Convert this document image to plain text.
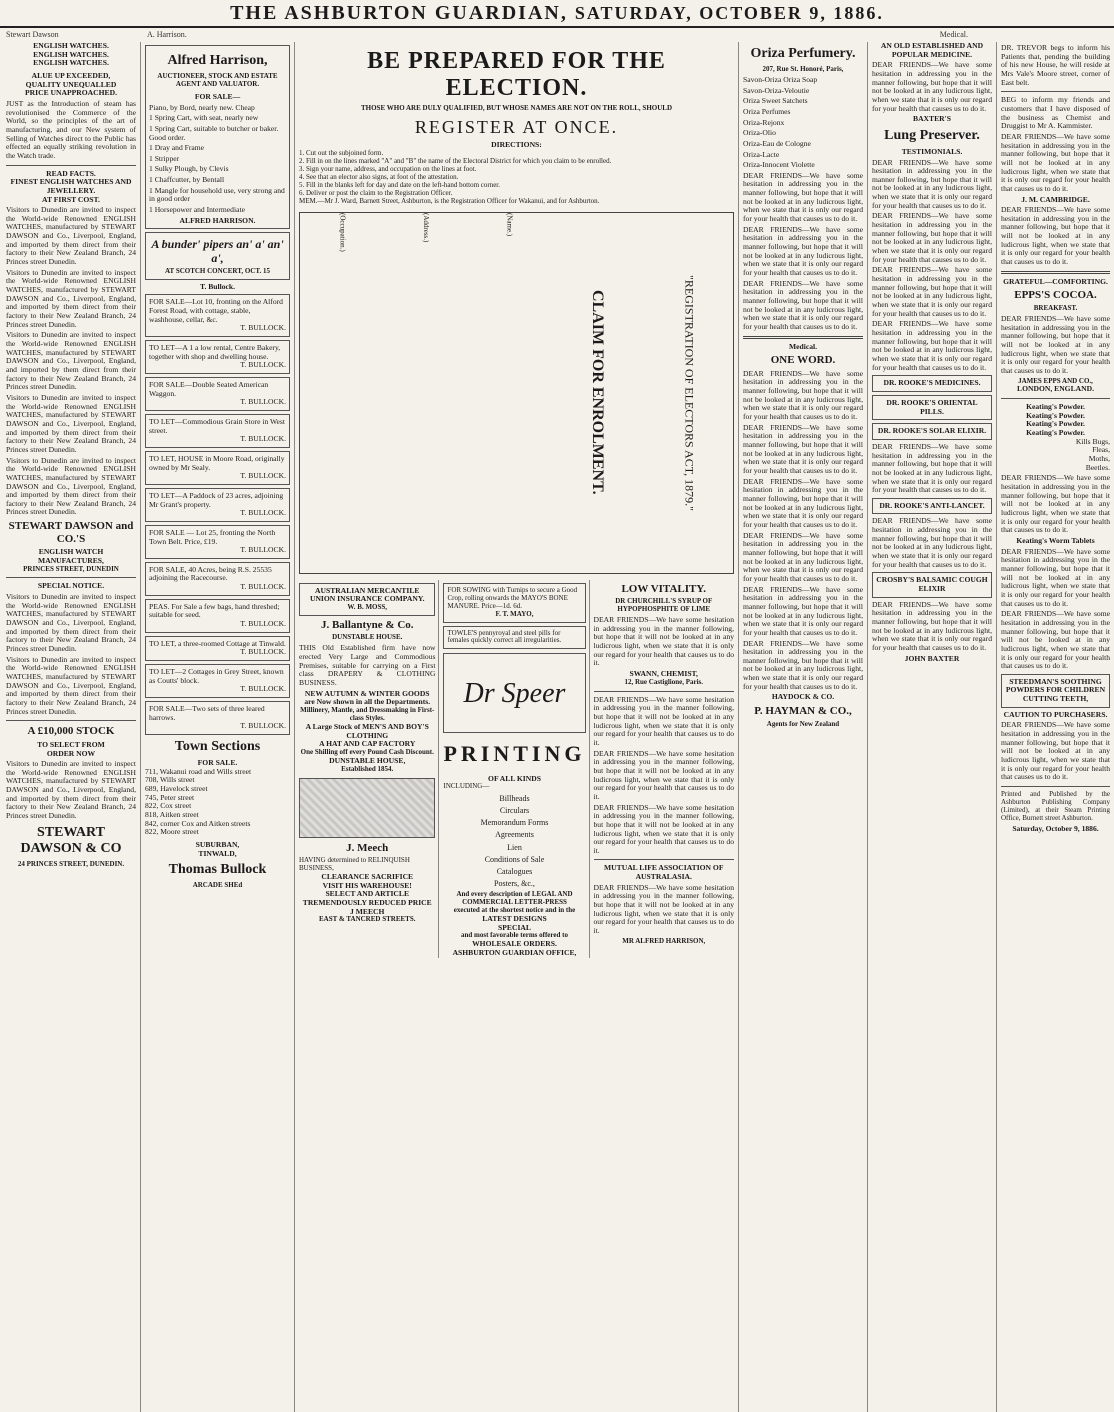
THE ASHBURTON GUARDIAN,
SATURDAY, OCTOBER 9, 1886.
Stewart Dawson	A. Harrison.	Medical.
ENGLISH WATCHES.
ENGLISH WATCHES.
ENGLISH WATCHES.
ALUE UP EXCEEDED,
QUALITY UNEQUALLED
PRICE UNAPPROACHED.
JUST as the Introduction of steam has revolutionised the Commerce of the World, so the principles of the art of manufacturing, and our New system of Selling of Watches direct to the Public has effected an equally striking revolution in the Watch trade.
READ FACTS.
FINEST ENGLISH WATCHES AND JEWELLERY.
AT FIRST COST.
Visitors to Dunedin are invited to inspect the World-wide Renowned ENGLISH WATCHES, manufactured by STEWART DAWSON and Co., Liverpool, England, and imported by them direct from their factory to their New Zealand Branch, 24 Princes street Dunedin.
Visitors to Dunedin are invited to inspect the World-wide Renowned ENGLISH WATCHES, manufactured by STEWART DAWSON and Co., Liverpool, England, and imported by them direct from their factory to their New Zealand Branch, 24 Princes street Dunedin.
Visitors to Dunedin are invited to inspect the World-wide Renowned ENGLISH WATCHES, manufactured by STEWART DAWSON and Co., Liverpool, England, and imported by them direct from their factory to their New Zealand Branch, 24 Princes street Dunedin.
Visitors to Dunedin are invited to inspect the World-wide Renowned ENGLISH WATCHES, manufactured by STEWART DAWSON and Co., Liverpool, England, and imported by them direct from their factory to their New Zealand Branch, 24 Princes street Dunedin.
Visitors to Dunedin are invited to inspect the World-wide Renowned ENGLISH WATCHES, manufactured by STEWART DAWSON and Co., Liverpool, England, and imported by them direct from their factory to their New Zealand Branch, 24 Princes street Dunedin.
STEWART DAWSON and CO.'S
ENGLISH WATCH MANUFACTURES,
PRINCES STREET, DUNEDIN
SPECIAL NOTICE.
Visitors to Dunedin are invited to inspect the World-wide Renowned ENGLISH WATCHES, manufactured by STEWART DAWSON and Co., Liverpool, England, and imported by them direct from their factory to their New Zealand Branch, 24 Princes street Dunedin.
Visitors to Dunedin are invited to inspect the World-wide Renowned ENGLISH WATCHES, manufactured by STEWART DAWSON and Co., Liverpool, England, and imported by them direct from their factory to their New Zealand Branch, 24 Princes street Dunedin.
A £10,000 STOCK
TO SELECT FROM
ORDER NOW
Visitors to Dunedin are invited to inspect the World-wide Renowned ENGLISH WATCHES, manufactured by STEWART DAWSON and Co., Liverpool, England, and imported by them direct from their factory to their New Zealand Branch, 24 Princes street Dunedin.
STEWART DAWSON & CO
24 PRINCES STREET, DUNEDIN.
Alfred Harrison,
AUCTIONEER, STOCK AND ESTATE AGENT AND VALUATOR.
FOR SALE—
Piano, by Bord, nearly new. Cheap
1 Spring Cart, with seat, nearly new
1 Spring Cart, suitable to butcher or baker. Good order.
1 Dray and Frame
1 Stripper
1 Sulky Plough, by Clevis
1 Chaffcutter, by Bentall
1 Mangle for household use, very strong and in good order
1 Horsepower and Intermediate
ALFRED HARRISON.
A bunder' pipers an' a' an' a',
AT SCOTCH CONCERT, OCT. 15
T. Bullock.
FOR SALE—Lot 10, fronting on the Alford Forest Road, with cottage, stable, washhouse, cellar, &c.
T. BULLOCK.
TO LET—A 1 a low rental, Centre Bakery, together with shop and dwelling house.
T. BULLOCK.
FOR SALE—Double Seated American Waggon.
T. BULLOCK.
TO LET—Commodious Grain Store in West street.
T. BULLOCK.
TO LET, HOUSE in Moore Road, originally owned by Mr Sealy.
T. BULLOCK.
TO LET—A Paddock of 23 acres, adjoining Mr Grant's property.
T. BULLOCK.
FOR SALE — Lot 25, fronting the North Town Belt. Price, £19.
T. BULLOCK.
FOR SALE, 40 Acres, being R.S. 25535 adjoining the Racecourse.
T. BULLOCK.
PEAS. For Sale a few bags, hand threshed; suitable for seed.
T. BULLOCK.
TO LET, a three-roomed Cottage at Tinwald.
T. BULLOCK.
TO LET—2 Cottages in Grey Street, known as Coutts' block.
T. BULLOCK.
FOR SALE—Two sets of three leared harrows.
T. BULLOCK.
Town Sections
FOR SALE.
711, Wakanui road and Wills street
708, Wills street
689, Havelock street
745, Peter street
822, Cox street
818, Aitken street
842, corner Cox and Aitken streets
822, Moore street
SUBURBAN,
TINWALD,
Thomas Bullock
ARCADE SHEd
BE PREPARED FOR THE ELECTION.
THOSE WHO ARE DULY QUALIFIED, BUT WHOSE NAMES ARE NOT ON THE ROLL, SHOULD
REGISTER AT ONCE.
DIRECTIONS:
1. Cut out the subjoined form.
2. Fill in on the lines marked "A" and "B" the name of the Electoral District for which you claim to be enrolled.
3. Sign your name, address, and occupation on the lines at foot.
4. See that an elector also signs, at foot of the attestation.
5. Fill in the blanks left for day and date on the left-hand bottom corner.
6. Deliver or post the claim to the Registration Officer.
MEM.—Mr J. Ward, Barnett Street, Ashburton, is the Registration Officer for Wakanui, and for Ashburton.
"REGISTRATION OF ELECTORS ACT, 1879."
CLAIM FOR ENROLMENT.
(Name.)
(Address.)
(Occupation.)
AUSTRALIAN MERCANTILE UNION INSURANCE COMPANY.
W. B. MOSS,
J. Ballantyne & Co.
DUNSTABLE HOUSE.
THIS Old Established firm have now erected Very Large and Commodious Premises, suitable for carrying on a First class DRAPERY & CLOTHING BUSINESS.
NEW AUTUMN & WINTER GOODS are Now shown in all the Departments.
Millinery, Mantle, and Dressmaking in First-class Styles.
A Large Stock of MEN'S AND BOY'S CLOTHING
A HAT AND CAP FACTORY
One Shilling off every Pound Cash Discount.
DUNSTABLE HOUSE,
Established 1854.
J. Meech
HAVING determined to RELINQUISH BUSINESS,
CLEARANCE SACRIFICE
VISIT HIS WAREHOUSE!
SELECT AND ARTICLE
TREMENDOUSLY REDUCED PRICE
J MEECH
EAST & TANCRED STREETS.
FOR SOWING with Turnips to secure a Good Crop, rolling onwards the MAYO'S BONE MANURE. Price—1d. 6d.
F. T. MAYO,
TOWLE'S pennyroyal and steel pills for females quickly correct all irregularities.
Dr Speer
PRINTING
OF ALL KINDS
INCLUDING—
Billheads
Circulars
Memorandum Forms
Agreements
Lien
Conditions of Sale
Catalogues
Posters, &c.,
And every description of LEGAL AND COMMERCIAL LETTER-PRESS
executed at the shortest notice and in the
LATEST DESIGNS
SPECIAL
and most favorable terms offered to
WHOLESALE ORDERS.
ASHBURTON GUARDIAN OFFICE,
LOW VITALITY.
DR CHURCHILL'S SYRUP OF HYPOPHOSPHITE OF LIME
DEAR FRIENDS—We have some hesitation in addressing you in the manner following, but hope that it will not be looked at in any ludicrous light, when we state that it is only our regard for your health that causes us to do it.
SWANN, CHEMIST,
12, Rue Castiglione, Paris.
DEAR FRIENDS—We have some hesitation in addressing you in the manner following, but hope that it will not be looked at in any ludicrous light, when we state that it is only our regard for your health that causes us to do it.
DEAR FRIENDS—We have some hesitation in addressing you in the manner following, but hope that it will not be looked at in any ludicrous light, when we state that it is only our regard for your health that causes us to do it.
DEAR FRIENDS—We have some hesitation in addressing you in the manner following, but hope that it will not be looked at in any ludicrous light, when we state that it is only our regard for your health that causes us to do it.
MUTUAL LIFE ASSOCIATION OF AUSTRALASIA.
DEAR FRIENDS—We have some hesitation in addressing you in the manner following, but hope that it will not be looked at in any ludicrous light, when we state that it is only our regard for your health that causes us to do it.
MR ALFRED HARRISON,
Oriza Perfumery.
207, Rue St. Honoré, Paris,
Savon-Oriza Oriza Soap
Savon-Oriza-Veloutie
Oriza Sweet Satchets
Oriza Perfumes
Oriza-Rejonx
Oriza-Olio
Oriza-Eau de Cologne
Oriza-Lacte
Oriza-Innocent Violette
DEAR FRIENDS—We have some hesitation in addressing you in the manner following, but hope that it will not be looked at in any ludicrous light, when we state that it is only our regard for your health that causes us to do it.
DEAR FRIENDS—We have some hesitation in addressing you in the manner following, but hope that it will not be looked at in any ludicrous light, when we state that it is only our regard for your health that causes us to do it.
DEAR FRIENDS—We have some hesitation in addressing you in the manner following, but hope that it will not be looked at in any ludicrous light, when we state that it is only our regard for your health that causes us to do it.
Medical.
ONE WORD.
DEAR FRIENDS—We have some hesitation in addressing you in the manner following, but hope that it will not be looked at in any ludicrous light, when we state that it is only our regard for your health that causes us to do it.
DEAR FRIENDS—We have some hesitation in addressing you in the manner following, but hope that it will not be looked at in any ludicrous light, when we state that it is only our regard for your health that causes us to do it.
DEAR FRIENDS—We have some hesitation in addressing you in the manner following, but hope that it will not be looked at in any ludicrous light, when we state that it is only our regard for your health that causes us to do it.
DEAR FRIENDS—We have some hesitation in addressing you in the manner following, but hope that it will not be looked at in any ludicrous light, when we state that it is only our regard for your health that causes us to do it.
DEAR FRIENDS—We have some hesitation in addressing you in the manner following, but hope that it will not be looked at in any ludicrous light, when we state that it is only our regard for your health that causes us to do it.
DEAR FRIENDS—We have some hesitation in addressing you in the manner following, but hope that it will not be looked at in any ludicrous light, when we state that it is only our regard for your health that causes us to do it.
HAYDOCK & CO.
P. HAYMAN & CO.,
Agents for New Zealand
AN OLD ESTABLISHED AND POPULAR MEDICINE.
DEAR FRIENDS—We have some hesitation in addressing you in the manner following, but hope that it will not be looked at in any ludicrous light, when we state that it is only our regard for your health that causes us to do it.
BAXTER'S
Lung Preserver.
TESTIMONIALS.
DEAR FRIENDS—We have some hesitation in addressing you in the manner following, but hope that it will not be looked at in any ludicrous light, when we state that it is only our regard for your health that causes us to do it.
DEAR FRIENDS—We have some hesitation in addressing you in the manner following, but hope that it will not be looked at in any ludicrous light, when we state that it is only our regard for your health that causes us to do it.
DEAR FRIENDS—We have some hesitation in addressing you in the manner following, but hope that it will not be looked at in any ludicrous light, when we state that it is only our regard for your health that causes us to do it.
DEAR FRIENDS—We have some hesitation in addressing you in the manner following, but hope that it will not be looked at in any ludicrous light, when we state that it is only our regard for your health that causes us to do it.
DR. ROOKE'S MEDICINES.
DR. ROOKE'S ORIENTAL PILLS.
DR. ROOKE'S SOLAR ELIXIR.
DEAR FRIENDS—We have some hesitation in addressing you in the manner following, but hope that it will not be looked at in any ludicrous light, when we state that it is only our regard for your health that causes us to do it.
DR. ROOKE'S ANTI-LANCET.
DEAR FRIENDS—We have some hesitation in addressing you in the manner following, but hope that it will not be looked at in any ludicrous light, when we state that it is only our regard for your health that causes us to do it.
CROSBY'S BALSAMIC COUGH ELIXIR
DEAR FRIENDS—We have some hesitation in addressing you in the manner following, but hope that it will not be looked at in any ludicrous light, when we state that it is only our regard for your health that causes us to do it.
JOHN BAXTER
DR. TREVOR begs to inform his Patients that, pending the building of his new House, he will reside at Mrs Vale's Moore street, corner of East belt.
BEG to inform my friends and customers that I have disposed of the business as Chemist and Druggist to Mr A. Kammister.
DEAR FRIENDS—We have some hesitation in addressing you in the manner following, but hope that it will not be looked at in any ludicrous light, when we state that it is only our regard for your health that causes us to do it.
J. M. CAMBRIDGE.
DEAR FRIENDS—We have some hesitation in addressing you in the manner following, but hope that it will not be looked at in any ludicrous light, when we state that it is only our regard for your health that causes us to do it.
GRATEFUL—COMFORTING.
EPPS'S COCOA.
BREAKFAST.
DEAR FRIENDS—We have some hesitation in addressing you in the manner following, but hope that it will not be looked at in any ludicrous light, when we state that it is only our regard for your health that causes us to do it.
JAMES EPPS AND CO.,
LONDON, ENGLAND.
Keating's Powder.
Keating's Powder.
Keating's Powder.
Keating's Powder.
Kills Bugs,
Fleas,
Moths,
Beetles.
DEAR FRIENDS—We have some hesitation in addressing you in the manner following, but hope that it will not be looked at in any ludicrous light, when we state that it is only our regard for your health that causes us to do it.
Keating's Worm Tablets
DEAR FRIENDS—We have some hesitation in addressing you in the manner following, but hope that it will not be looked at in any ludicrous light, when we state that it is only our regard for your health that causes us to do it.
DEAR FRIENDS—We have some hesitation in addressing you in the manner following, but hope that it will not be looked at in any ludicrous light, when we state that it is only our regard for your health that causes us to do it.
STEEDMAN'S SOOTHING POWDERS FOR CHILDREN CUTTING TEETH,
CAUTION TO PURCHASERS.
DEAR FRIENDS—We have some hesitation in addressing you in the manner following, but hope that it will not be looked at in any ludicrous light, when we state that it is only our regard for your health that causes us to do it.
Printed and Published by the Ashburton Publishing Company (Limited), at their Steam Printing Office, Burnett street Ashburton.
Saturday, October 9, 1886.
